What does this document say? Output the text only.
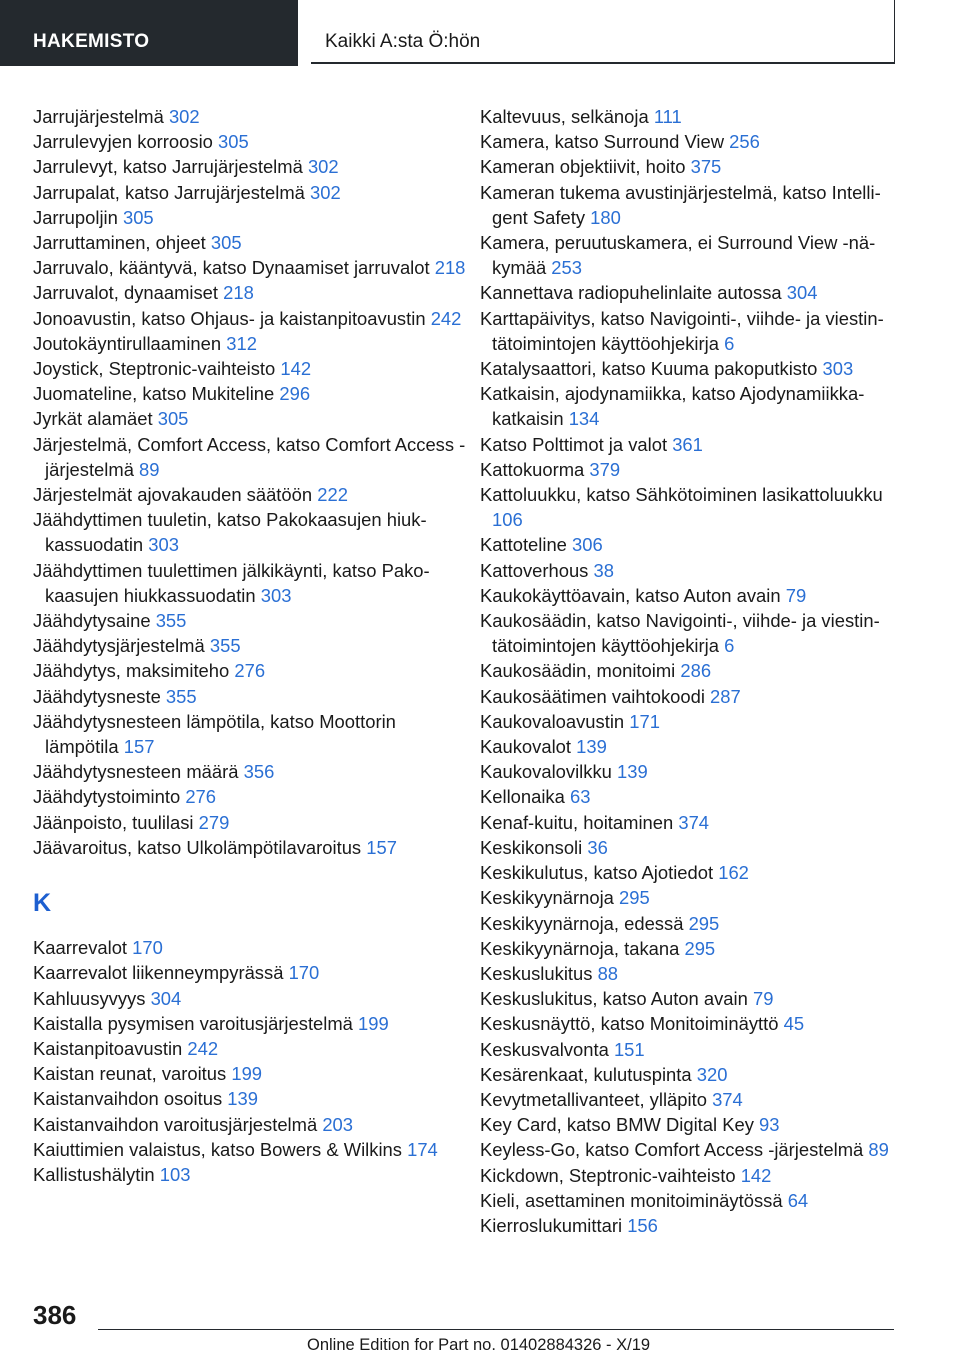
HAKEMISTO	Kaikki A:sta Ö:hön

Jarrujärjestelmä 302

Jarrulevyjen korroosio 305

Jarrulevyt, katso Jarrujärjestelmä 302

Jarrupalat, katso Jarrujärjestelmä 302

Jarrupoljin 305

Jarruttaminen, ohjeet 305

Jarruvalo, kääntyvä, katso Dynaamiset jarruvalot 218

Jarruvalot, dynaamiset 218

Jonoavustin, katso Ohjaus- ja kaistanpitoavustin 242

Joutokäyntirullaaminen 312

Joystick, Steptronic-vaihteisto 142

Juomateline, katso Mukiteline 296

Jyrkät alamäet 305

Järjestelmä, Comfort Access, katso Comfort Access -järjestelmä 89

Järjestelmät ajovakauden säätöön 222

Jäähdyttimen tuuletin, katso Pakokaasujen hiukkassuodatin 303

Jäähdyttimen tuulettimen jälkikäynti, katso Pakokaasujen hiukkassuodatin 303

Jäähdytysaine 355

Jäähdytysjärjestelmä 355

Jäähdytys, maksimiteho 276

Jäähdytysneste 355

Jäähdytysnesteen lämpötila, katso Moottorin lämpötila 157

Jäähdytysnesteen määrä 356

Jäähdytystoiminto 276

Jäänpoisto, tuulilasi 279

Jäävaroitus, katso Ulkolämpötilavaroitus 157

K

Kaarrevalot 170

Kaarrevalot liikenneympyrässä 170

Kahluusyvyys 304

Kaistalla pysymisen varoitusjärjestelmä 199

Kaistanpitoavustin 242

Kaistan reunat, varoitus 199

Kaistanvaihdon osoitus 139

Kaistanvaihdon varoitusjärjestelmä 203

Kaiuttimien valaistus, katso Bowers & Wilkins 174

Kallistushälytin 103

Kaltevuus, selkänoja 111

Kamera, katso Surround View 256

Kameran objektiivit, hoito 375

Kameran tukema avustinjärjestelmä, katso Intelligent Safety 180

Kamera, peruutuskamera, ei Surround View -näkymää 253

Kannettava radiopuhelinlaite autossa 304

Karttapäivitys, katso Navigointi-, viihde- ja viestintätoimintojen käyttöohjekirja 6

Katalysaattori, katso Kuuma pakoputkisto 303

Katkaisin, ajodynamiikka, katso Ajodynamiikkakatkaisin 134

Katso Polttimot ja valot 361

Kattokuorma 379

Kattoluukku, katso Sähkötoiminen lasikattoluukku 106

Kattoteline 306

Kattoverhous 38

Kaukokäyttöavain, katso Auton avain 79

Kaukosäädin, katso Navigointi-, viihde- ja viestintätoimintojen käyttöohjekirja 6

Kaukosäädin, monitoimi 286

Kaukosäätimen vaihtokoodi 287

Kaukovaloavustin 171

Kaukovalot 139

Kaukovalovilkku 139

Kellonaika 63

Kenaf-kuitu, hoitaminen 374

Keskikonsoli 36

Keskikulutus, katso Ajotiedot 162

Keskikyynärnoja 295

Keskikyynärnoja, edessä 295

Keskikyynärnoja, takana 295

Keskuslukitus 88

Keskuslukitus, katso Auton avain 79

Keskusnäyttö, katso Monitoiminäyttö 45

Keskusvalvonta 151

Kesärenkaat, kulutuspinta 320

Kevytmetallivanteet, ylläpito 374

Key Card, katso BMW Digital Key 93

Keyless-Go, katso Comfort Access -järjestelmä 89

Kickdown, Steptronic-vaihteisto 142

Kieli, asettaminen monitoiminäytössä 64

Kierroslukumittari 156

386
Online Edition for Part no. 01402884326 - X/19
